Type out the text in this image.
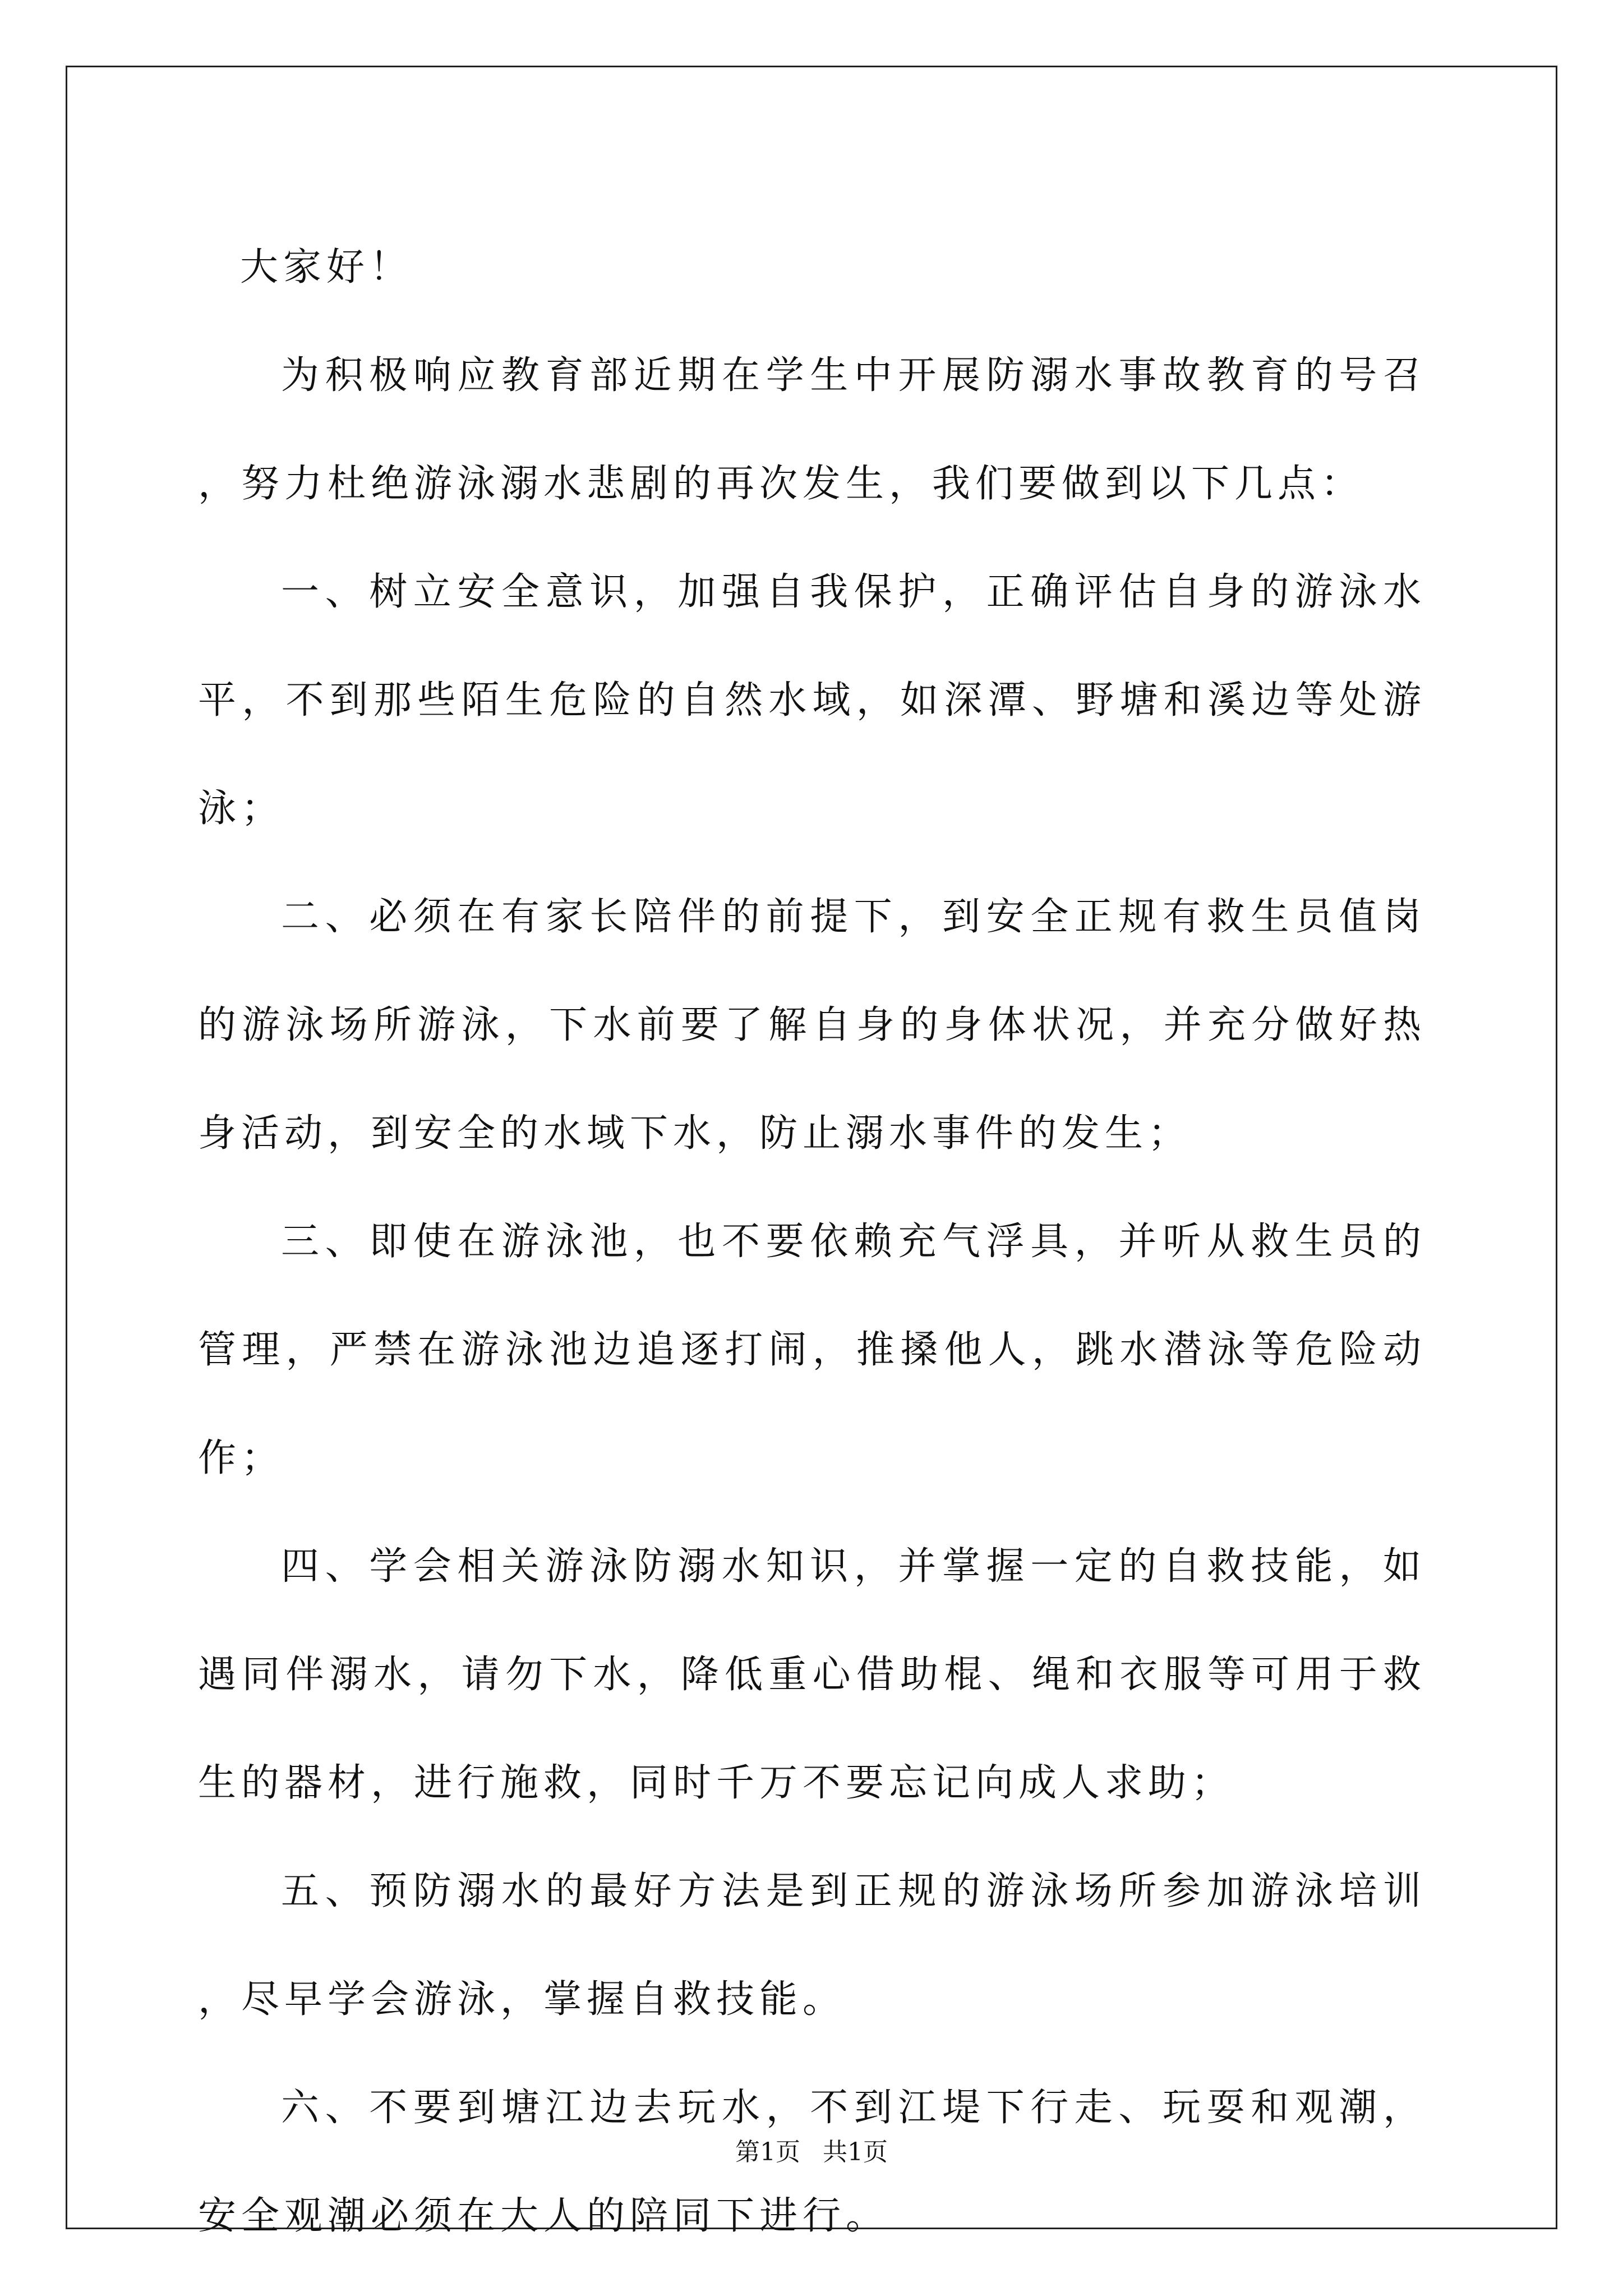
大家好！

为积极响应教育部近期在学生中开展防溺水事故教育的号召，努力杜绝游泳溺水悲剧的再次发生，我们要做到以下几点：

一、树立安全意识，加强自我保护，正确评估自身的游泳水平，不到那些陌生危险的自然水域，如深潭、野塘和溪边等处游泳；

二、必须在有家长陪伴的前提下，到安全正规有救生员值岗的游泳场所游泳，下水前要了解自身的身体状况，并充分做好热身活动，到安全的水域下水，防止溺水事件的发生；

三、即使在游泳池，也不要依赖充气浮具，并听从救生员的管理，严禁在游泳池边追逐打闹，推搡他人，跳水潜泳等危险动作；

四、学会相关游泳防溺水知识，并掌握一定的自救技能，如遇同伴溺水，请勿下水，降低重心借助棍、绳和衣服等可用于救生的器材，进行施救，同时千万不要忘记向成人求助；

五、预防溺水的最好方法是到正规的游泳场所参加游泳培训，尽早学会游泳，掌握自救技能。

六、不要到塘江边去玩水，不到江堤下行走、玩耍和观潮，安全观潮必须在大人的陪同下进行。

第1页 共1页
